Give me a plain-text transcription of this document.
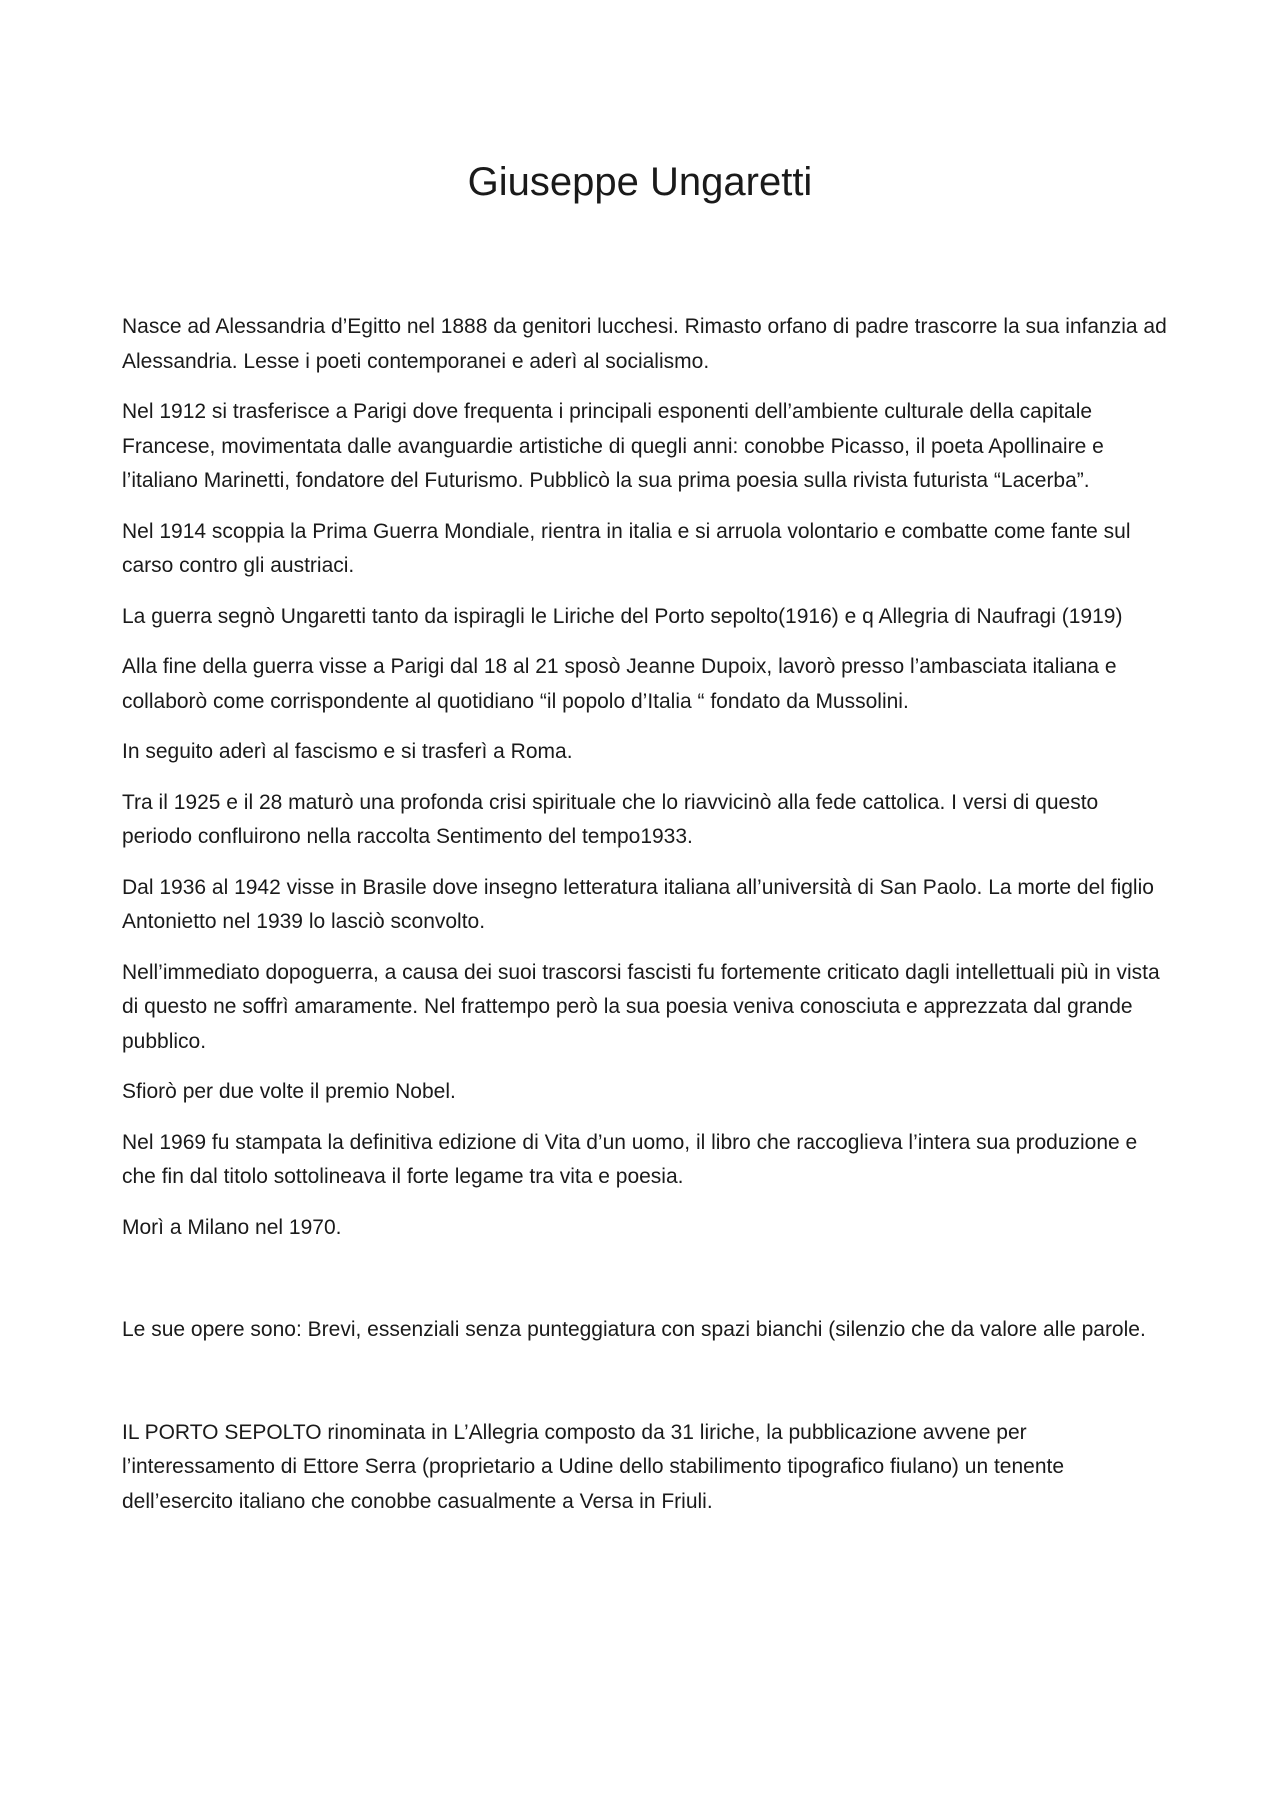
Giuseppe Ungaretti

Nasce ad Alessandria d’Egitto nel 1888 da genitori lucchesi. Rimasto orfano di padre trascorre la sua infanzia ad Alessandria. Lesse i poeti contemporanei e aderì al socialismo.

Nel 1912 si trasferisce a Parigi dove frequenta i principali esponenti dell’ambiente culturale della capitale Francese, movimentata dalle avanguardie artistiche di quegli anni: conobbe Picasso, il poeta Apollinaire e l’italiano Marinetti, fondatore del Futurismo. Pubblicò la sua prima poesia sulla rivista futurista “Lacerba”.

Nel 1914 scoppia la Prima Guerra Mondiale, rientra in italia e si arruola volontario e combatte come fante sul carso contro gli austriaci.

La guerra segnò Ungaretti tanto da ispiragli le Liriche del Porto sepolto(1916) e q Allegria di Naufragi (1919)

Alla fine della guerra visse a Parigi dal 18 al 21 sposò Jeanne Dupoix, lavorò presso l’ambasciata italiana e collaborò come corrispondente al quotidiano “il popolo d’Italia “ fondato da Mussolini.

In seguito aderì al fascismo e si trasferì a Roma.

Tra il 1925 e il 28 maturò una profonda crisi spirituale che lo riavvicinò alla fede cattolica. I versi di questo periodo confluirono nella raccolta Sentimento del tempo1933.

Dal 1936 al 1942 visse in Brasile dove insegno letteratura italiana all’università di San Paolo. La morte del figlio Antonietto nel 1939 lo lasciò sconvolto.

Nell’immediato dopoguerra, a causa dei suoi trascorsi fascisti fu fortemente criticato dagli intellettuali più in vista di questo ne soffrì amaramente. Nel frattempo però la sua poesia veniva conosciuta e apprezzata dal grande pubblico.

Sfiorò per due volte il premio Nobel.

Nel 1969 fu stampata la definitiva edizione di Vita d’un uomo, il libro che raccoglieva l’intera sua produzione e che fin dal titolo sottolineava il forte legame tra vita e poesia.

Morì a Milano nel 1970.

Le sue opere sono: Brevi, essenziali senza punteggiatura con spazi bianchi (silenzio che da valore alle parole.

IL PORTO SEPOLTO rinominata in L’Allegria composto da 31 liriche, la pubblicazione avvene per l’interessamento di Ettore Serra (proprietario a Udine dello stabilimento tipografico fiulano) un tenente dell’esercito italiano che conobbe casualmente a Versa in Friuli.
